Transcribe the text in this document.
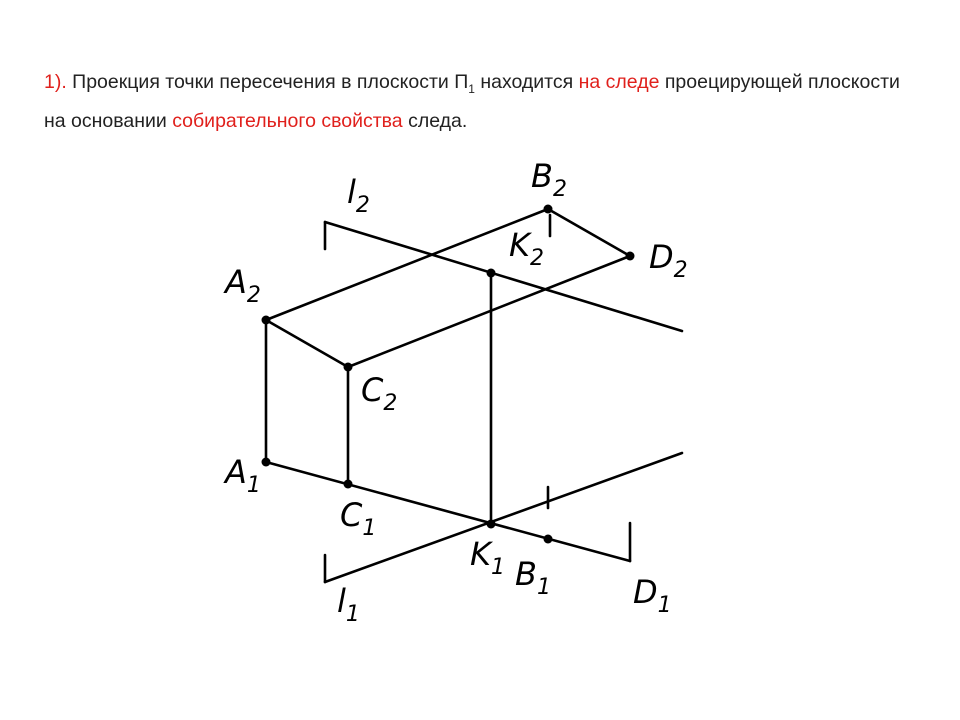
1). Проекция точки пересечения в плоскости $П_1$ находится на следе проецирующей плоскости на основании собирательного свойства следа.
$l_2$
$B_2$
$K_2$	$D_2$
$A_2$
$C_2$
$A_1$
$C_1$
$K_1$ $B_1$	$D_1$
$l_1$
